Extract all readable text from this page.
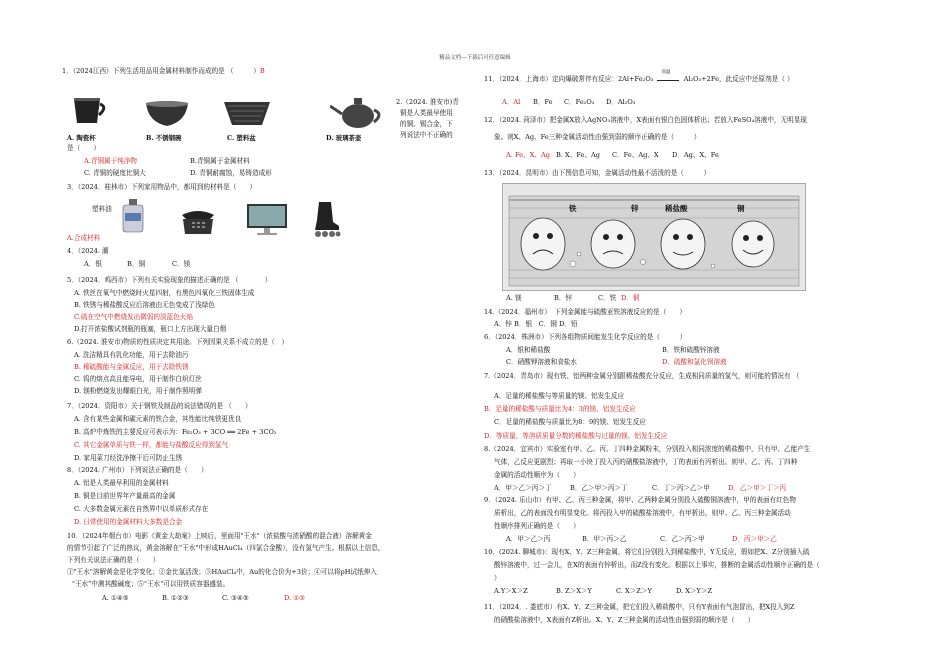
精品文档---下载后可任意编辑
1．（2024江西）下列生活用品用金属材料制作而成的是 （　　　）B
A. 陶瓷杯	B. 不锈钢碗	C. 塑料盆	D. 玻璃茶壶
2.（2024. 淮安市)青
铜是人类最早使用
的铜、锡合金，下
列说法中不正确的
是（　　）
A.青铜属于纯净物	B.青铜属于金属材料
C. 青铜的硬度比铜大	D. 青铜耐腐蚀，易铸造成形
3．（2024．桂林市）下列家用物品中，都用到的材料是（　　）
塑料油
A.合成材料
4．（2024. 潮
A．银	B．铜	C．镁
5．（2024．鸡西市）下列有关实验现象的描述正确的是 （　　　　）
A. 铁丝在氧气中燃烧时火星四射，有黑色四氧化三铁固体生成
B. 铁锈与稀盐酸反应后溶液由无色变成了浅绿色
C.硫在空气中燃烧发出微弱的淡蓝色火焰
D.打开浓盐酸试剂瓶的瓶塞，瓶口上方出现大量白烟
6.（2024. 淮安市)物质的性质决定其用途。下列因果关系不成立的是（　）
A. 洗洁精具有乳化功能，用于去除油污
B. 稀硫酸能与金属反应，用于去除铁锈
C. 钨的熔点高且能导电，用于制作白炽灯丝
D. 镁粉燃烧发出耀眼白光，用于制作照明弹
7．（2024．资阳市）关于钢铁及制品的说法错误的是 （　　）
A. 含有某些金属和碳元素的铁合金，其性能比纯铁更优良
B. 高炉中炼铁的主要反应可表示为：Fe₂O₃ + 3CO ══ 2Fe + 3CO₂
C. 其它金属单质与铁一样，都能与盐酸反应得到氢气
D. 家用菜刀经洗净擦干后可防止生锈
8．（2024. 广州市）下列说法正确的是（　　）
A. 铝是人类最早利用的金属材料
B. 铜是目前世界年产量最高的金属
C. 大多数金属元素在自然界中以单质形式存在
D. 日常使用的金属材料大多数是合金
10．（2024年烟台市）电影《黄金大劫案》上映后，里面用"王水"（浓盐酸与浓硝酸的混合液）溶解黄金
的情节引起了广泛的热议，黄金溶解在"王水"中形成HAuCl₄（四氯合金酸），没有氢气产生。根据以上信息，
下列有关说法正确的是（　　）
①"王水"溶解黄金是化学变化；②金比氢活泼；③HAuCl₄中，Au的化合价为+3价；④可以将pH试纸伸入
"王水"中测其酸碱度；⑤"王水"可以用铁质容器盛装。
A. ①④⑤	B. ①②③	C. ③④⑤	D. ①③
11．（2024．上海市）定向爆破常伴有反应：2Al+Fe₂O₃
高温
Al₂O₃+2Fe，此反应中还原剂是（ ）
A．Al B．Fe C．Fe₂O₃ D．Al₂O₃
12．（2024. 菏泽市）把金属X放入AgNO₃溶液中，X表面有银白色固体析出；若放入FeSO₄溶液中，无明显现
象。则X、Ag、Fe三种金属活动性由强到弱的顺序正确的是（　　　）
A. Fe、X、Ag B. X、Fe、Ag C．Fe、Ag、X D．Ag、X、Fe
13．（2024．昆明市）由下图信息可知，金属活动性最不活泼的是（　　　）
铁	锌	稀盐酸	铜
A. 镁	B．锌	C．铁 D．铜
14.（2024．福州市）　下列金属能与硫酸亚铁溶液反应的是（　　）
A．锌 B．银　C．铜 D．铅
6．（2024．株洲市）下列各组物质间能发生化学反应的是（　　　）
A．银和稀盐酸	B．铁和硫酸锌溶液
C．硝酸钾溶液和食盐水	D．硫酸和氯化钡溶液
7.（2024．青岛市）现有铁、铝两种金属分别跟稀盐酸充分反应，生成相同质量的氢气，则可能的情况有 （
A．足量的稀盐酸与等质量的镁、铝发生反应
B．足量的稀盐酸与质量比为4：3的镁、铝发生反应
C．足量的稀盐酸与质量比为8：9的镁、铝发生反应
D．等质量、等溶质质量分数的稀盐酸与过量的镁、铝发生反应
8.（2024．宜宾市）实验室有甲、乙、丙、丁四种金属粉末，分别投入相同浓度的稀盐酸中，只有甲、乙能产生
气体，乙反应更剧烈；再取一小块丁投入丙的硝酸盐溶液中，丁的表面有丙析出。则甲、乙、丙、丁四种
金属的活动性顺序为（　　）
A．甲＞乙＞丙＞丁	B．乙＞甲＞丙＞丁	C．丁＞丙＞乙＞甲	D．乙＞甲＞丁＞丙
9．（2024. 乐山市）有甲、乙、丙三种金属，将甲、乙两种金属分别投入硫酸铜溶液中，甲的表面有红色物
质析出，乙的表面没有明显变化。将丙投入甲的硫酸盐溶液中，有甲析出，则甲、乙、丙三种金属活动
性顺序排列正确的是（　　）
A．甲＞乙＞丙	B．甲＞丙＞乙	C．乙＞丙＞甲	D．丙＞甲＞乙
10．(2024. 聊城市)：现有X、Y、Z三种金属，将它们分别投入到稀盐酸中，Y无反应，假如把X、Z分别插入硫
酸锌溶液中，过一会儿，在X的表面有锌析出，而Z没有变化。根据以上事实，推断的金属活动性顺序正确的是（
）
A.Y＞X＞Z	B. Z＞X＞Y	C. X＞Z＞Y	D. X＞Y＞Z
11．（2024．. 娄底市）有X、Y、Z三种金属，把它们投入稀盐酸中，只有Y表面有气泡冒出，把X投入到Z
的硝酸盐溶液中，X表面有Z析出。X、Y、Z三种金属的活动性由强到弱的顺序是（　　）
